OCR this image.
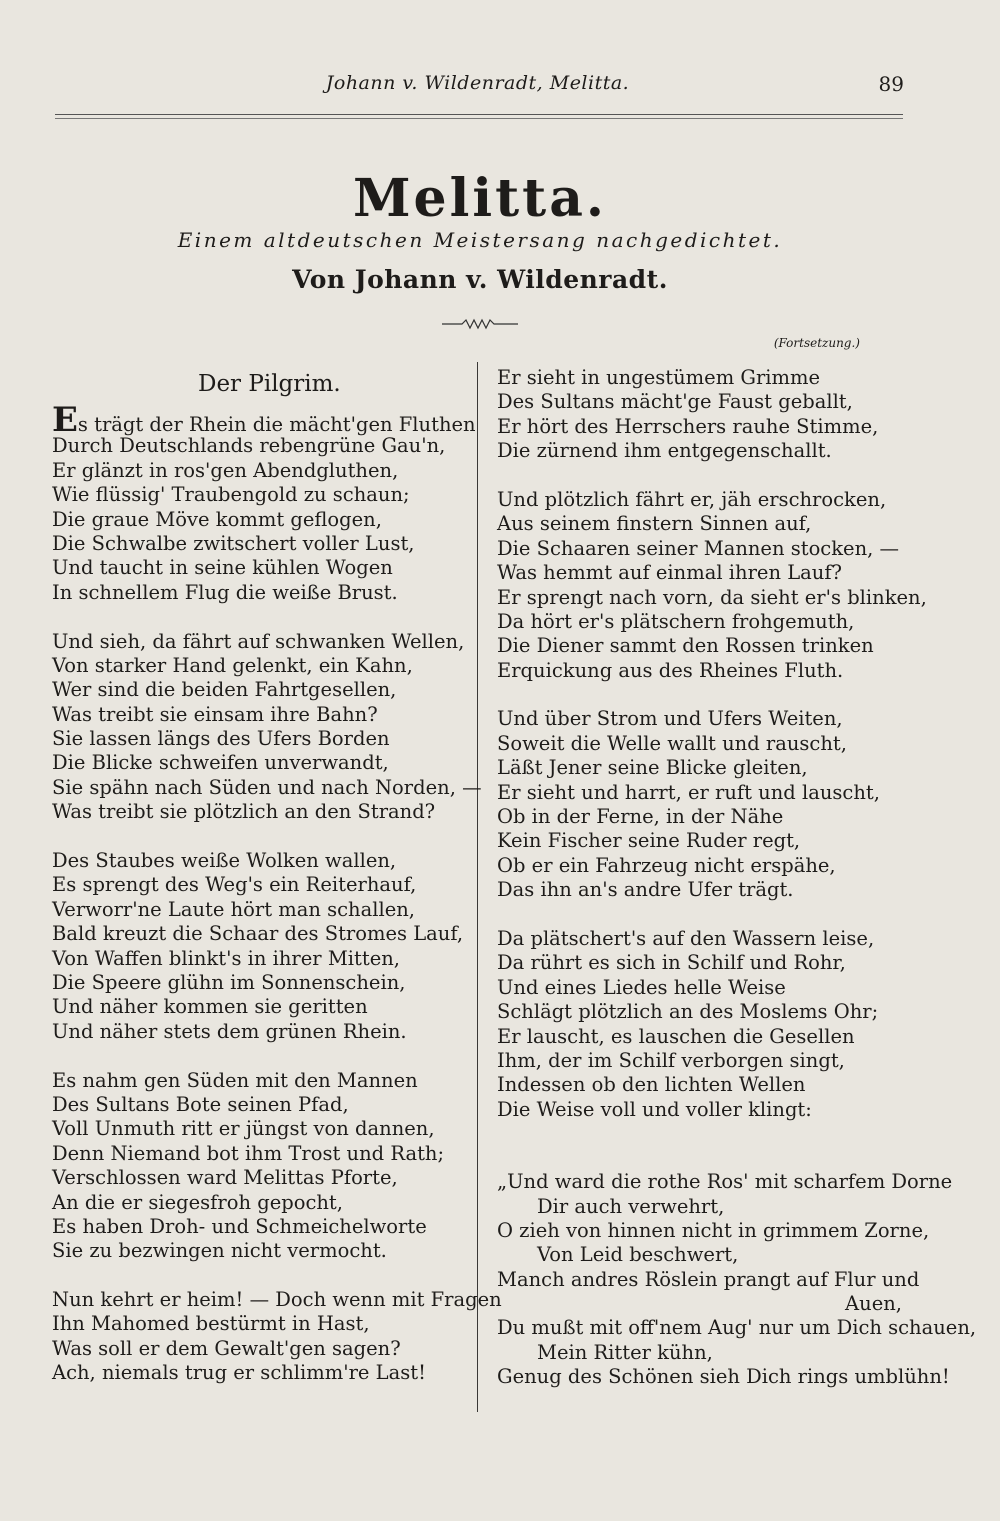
Johann v. Wildenradt, Melitta.	89
Melitta.
Einem altdeutschen Meistersang nachgedichtet.
Von Johann v. Wildenradt.
(Fortsetzung.)
Der Pilgrim.
Es trägt der Rhein die mächt'gen Fluthen
Durch Deutschlands rebengrüne Gau'n,
Er glänzt in ros'gen Abendgluthen,
Wie flüssig' Traubengold zu schaun;
Die graue Möve kommt geflogen,
Die Schwalbe zwitschert voller Lust,
Und taucht in seine kühlen Wogen
In schnellem Flug die weiße Brust.
Und sieh, da fährt auf schwanken Wellen,
Von starker Hand gelenkt, ein Kahn,
Wer sind die beiden Fahrtgesellen,
Was treibt sie einsam ihre Bahn?
Sie lassen längs des Ufers Borden
Die Blicke schweifen unverwandt,
Sie spähn nach Süden und nach Norden, —
Was treibt sie plötzlich an den Strand?
Des Staubes weiße Wolken wallen,
Es sprengt des Weg's ein Reiterhauf,
Verworr'ne Laute hört man schallen,
Bald kreuzt die Schaar des Stromes Lauf,
Von Waffen blinkt's in ihrer Mitten,
Die Speere glühn im Sonnenschein,
Und näher kommen sie geritten
Und näher stets dem grünen Rhein.
Es nahm gen Süden mit den Mannen
Des Sultans Bote seinen Pfad,
Voll Unmuth ritt er jüngst von dannen,
Denn Niemand bot ihm Trost und Rath;
Verschlossen ward Melittas Pforte,
An die er siegesfroh gepocht,
Es haben Droh- und Schmeichelworte
Sie zu bezwingen nicht vermocht.
Nun kehrt er heim! — Doch wenn mit Fragen
Ihn Mahomed bestürmt in Hast,
Was soll er dem Gewalt'gen sagen?
Ach, niemals trug er schlimm're Last!
Er sieht in ungestümem Grimme
Des Sultans mächt'ge Faust geballt,
Er hört des Herrschers rauhe Stimme,
Die zürnend ihm entgegenschallt.
Und plötzlich fährt er, jäh erschrocken,
Aus seinem finstern Sinnen auf,
Die Schaaren seiner Mannen stocken, —
Was hemmt auf einmal ihren Lauf?
Er sprengt nach vorn, da sieht er's blinken,
Da hört er's plätschern frohgemuth,
Die Diener sammt den Rossen trinken
Erquickung aus des Rheines Fluth.
Und über Strom und Ufers Weiten,
Soweit die Welle wallt und rauscht,
Läßt Jener seine Blicke gleiten,
Er sieht und harrt, er ruft und lauscht,
Ob in der Ferne, in der Nähe
Kein Fischer seine Ruder regt,
Ob er ein Fahrzeug nicht erspähe,
Das ihn an's andre Ufer trägt.
Da plätschert's auf den Wassern leise,
Da rührt es sich in Schilf und Rohr,
Und eines Liedes helle Weise
Schlägt plötzlich an des Moslems Ohr;
Er lauscht, es lauschen die Gesellen
Ihm, der im Schilf verborgen singt,
Indessen ob den lichten Wellen
Die Weise voll und voller klingt:
„Und ward die rothe Ros' mit scharfem Dorne
Dir auch verwehrt,
O zieh von hinnen nicht in grimmem Zorne,
Von Leid beschwert,
Manch andres Röslein prangt auf Flur und
Auen,
Du mußt mit off'nem Aug' nur um Dich schauen,
Mein Ritter kühn,
Genug des Schönen sieh Dich rings umblühn!
